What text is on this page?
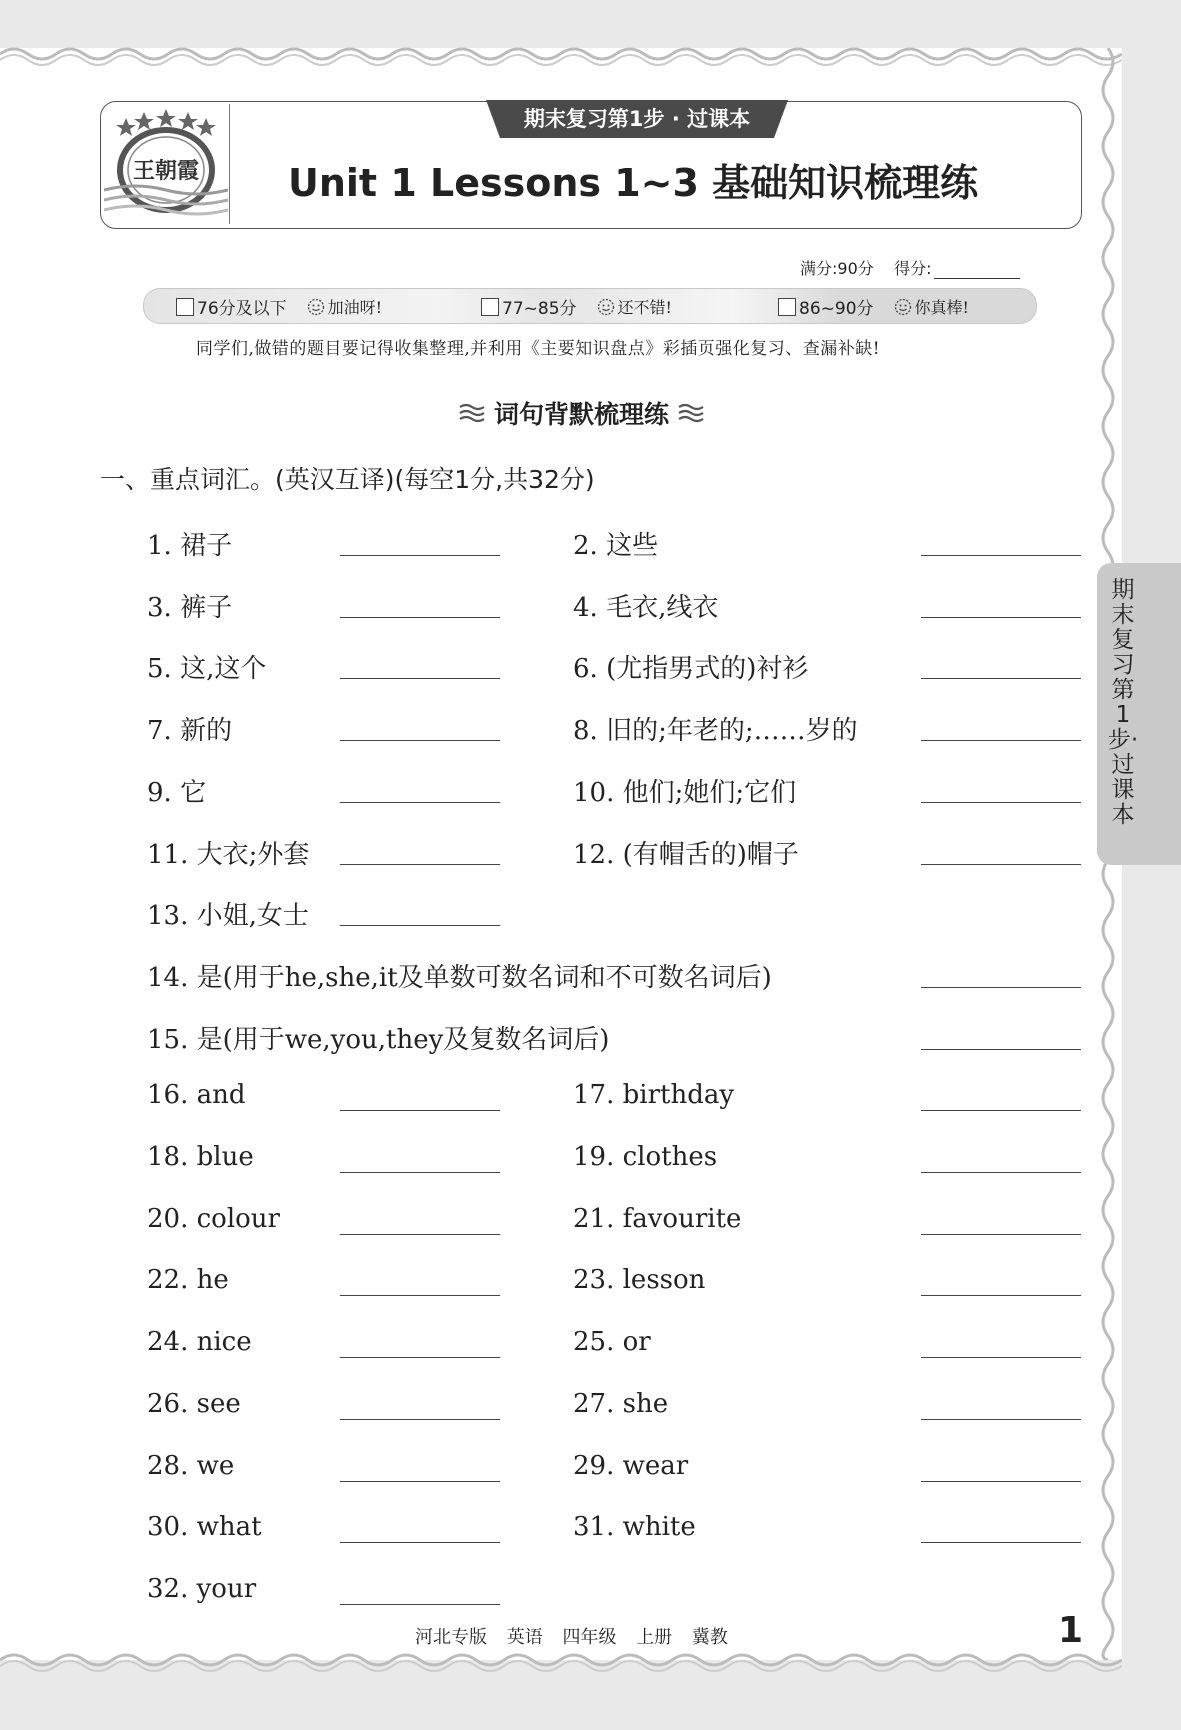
王朝霞
期末复习第1步 · 过课本
Unit 1 Lessons 1~3 基础知识梳理练
满分:90分 得分:
76分及以下	加油呀!	77~85分	还不错!	86~90分	你真棒!
同学们,做错的题目要记得收集整理,并利用《主要知识盘点》彩插页强化复习、查漏补缺!
词句背默梳理练
一、重点词汇。(英汉互译)(每空1分,共32分)
1. 裙子	2. 这些
3. 裤子	4. 毛衣,线衣
5. 这,这个	6. (尤指男式的)衬衫
7. 新的	8. 旧的;年老的;……岁的
9. 它	10. 他们;她们;它们
11. 大衣;外套	12. (有帽舌的)帽子
13. 小姐,女士
14. 是(用于he,she,it及单数可数名词和不可数名词后)
15. 是(用于we,you,they及复数名词后)
16. and	17. birthday
18. blue	19. clothes
20. colour	21. favourite
22. he	23. lesson
24. nice	25. or
26. see	27. she
28. we	29. wear
30. what	31. white
32. your
期末复习第1步·过课本
河北专版 英语 四年级 上册 冀教	1
